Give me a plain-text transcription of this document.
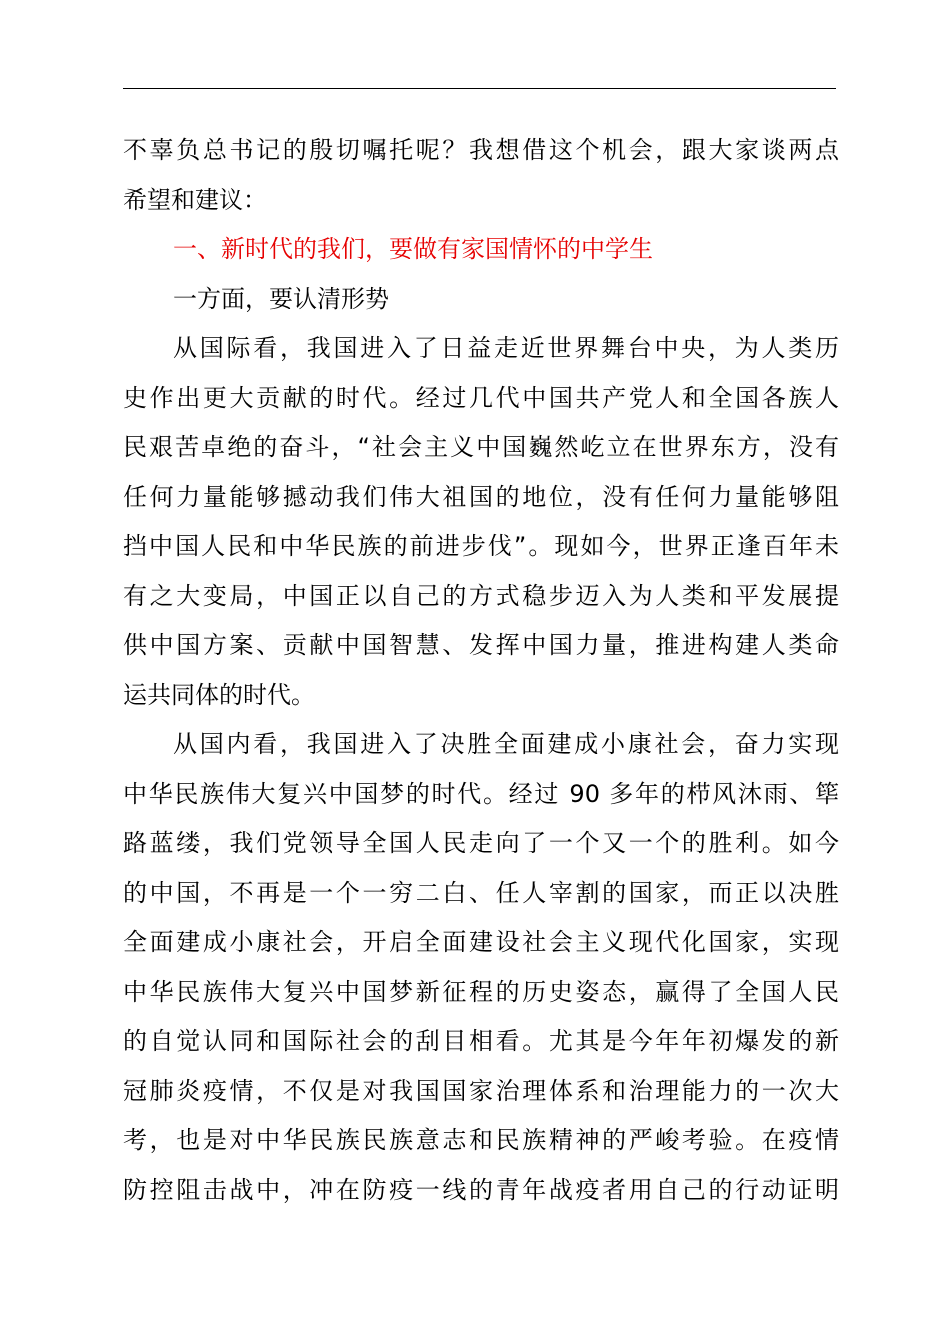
不辜负总书记的殷切嘱托呢？我想借这个机会，跟大家谈两点
希望和建议：
一、新时代的我们，要做有家国情怀的中学生
一方面，要认清形势
从国际看，我国进入了日益走近世界舞台中央，为人类历
史作出更大贡献的时代。经过几代中国共产党人和全国各族人
民艰苦卓绝的奋斗，“社会主义中国巍然屹立在世界东方，没有
任何力量能够撼动我们伟大祖国的地位，没有任何力量能够阻
挡中国人民和中华民族的前进步伐”。现如今，世界正逢百年未
有之大变局，中国正以自己的方式稳步迈入为人类和平发展提
供中国方案、贡献中国智慧、发挥中国力量，推进构建人类命
运共同体的时代。
从国内看，我国进入了决胜全面建成小康社会，奋力实现
中华民族伟大复兴中国梦的时代。经过 90 多年的栉风沐雨、筚
路蓝缕，我们党领导全国人民走向了一个又一个的胜利。如今
的中国，不再是一个一穷二白、任人宰割的国家，而正以决胜
全面建成小康社会，开启全面建设社会主义现代化国家，实现
中华民族伟大复兴中国梦新征程的历史姿态，赢得了全国人民
的自觉认同和国际社会的刮目相看。尤其是今年年初爆发的新
冠肺炎疫情，不仅是对我国国家治理体系和治理能力的一次大
考，也是对中华民族民族意志和民族精神的严峻考验。在疫情
防控阻击战中，冲在防疫一线的青年战疫者用自己的行动证明
